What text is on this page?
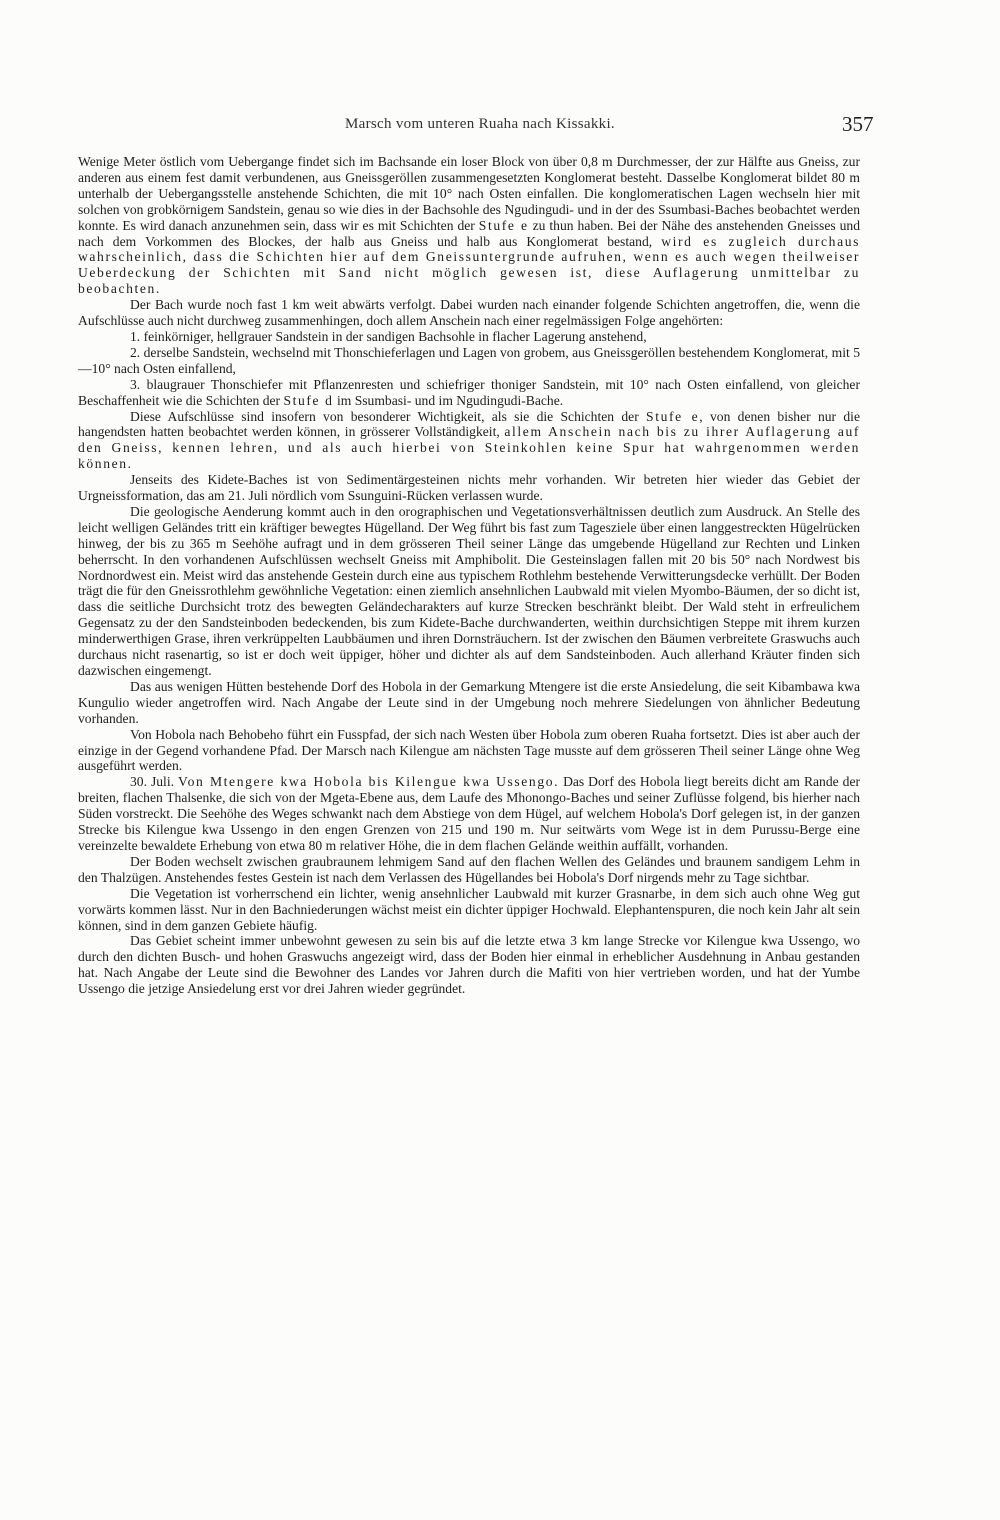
Marsch vom unteren Ruaha nach Kissakki.	357

Wenige Meter östlich vom Uebergange findet sich im Bachsande ein loser Block von über 0,8 m Durchmesser, der zur Hälfte aus Gneiss, zur anderen aus einem fest damit verbundenen, aus Gneissgeröllen zusammengesetzten Konglomerat besteht. Dasselbe Konglomerat bildet 80 m unterhalb der Uebergangsstelle anstehende Schichten, die mit 10° nach Osten einfallen. Die konglomeratischen Lagen wechseln hier mit solchen von grobkörnigem Sandstein, genau so wie dies in der Bachsohle des Ngudingudi- und in der des Ssumbasi-Baches beobachtet werden konnte. Es wird danach anzunehmen sein, dass wir es mit Schichten der Stufe e zu thun haben. Bei der Nähe des anstehenden Gneisses und nach dem Vorkommen des Blockes, der halb aus Gneiss und halb aus Konglomerat bestand, wird es zugleich durchaus wahrscheinlich, dass die Schichten hier auf dem Gneissuntergrunde aufruhen, wenn es auch wegen theilweiser Ueberdeckung der Schichten mit Sand nicht möglich gewesen ist, diese Auflagerung unmittelbar zu beobachten.

Der Bach wurde noch fast 1 km weit abwärts verfolgt. Dabei wurden nach einander folgende Schichten angetroffen, die, wenn die Aufschlüsse auch nicht durchweg zusammenhingen, doch allem Anschein nach einer regelmässigen Folge angehörten:

1. feinkörniger, hellgrauer Sandstein in der sandigen Bachsohle in flacher Lagerung anstehend,

2. derselbe Sandstein, wechselnd mit Thonschieferlagen und Lagen von grobem, aus Gneissgeröllen bestehendem Konglomerat, mit 5—10° nach Osten einfallend,

3. blaugrauer Thonschiefer mit Pflanzenresten und schiefriger thoniger Sandstein, mit 10° nach Osten einfallend, von gleicher Beschaffenheit wie die Schichten der Stufe d im Ssumbasi- und im Ngudingudi-Bache.

Diese Aufschlüsse sind insofern von besonderer Wichtigkeit, als sie die Schichten der Stufe e, von denen bisher nur die hangendsten hatten beobachtet werden können, in grösserer Vollständigkeit, allem Anschein nach bis zu ihrer Auflagerung auf den Gneiss, kennen lehren, und als auch hierbei von Steinkohlen keine Spur hat wahrgenommen werden können.

Jenseits des Kidete-Baches ist von Sedimentärgesteinen nichts mehr vorhanden. Wir betreten hier wieder das Gebiet der Urgneissformation, das am 21. Juli nördlich vom Ssunguini-Rücken verlassen wurde.

Die geologische Aenderung kommt auch in den orographischen und Vegetationsverhältnissen deutlich zum Ausdruck. An Stelle des leicht welligen Geländes tritt ein kräftiger bewegtes Hügelland. Der Weg führt bis fast zum Tagesziele über einen langgestreckten Hügelrücken hinweg, der bis zu 365 m Seehöhe aufragt und in dem grösseren Theil seiner Länge das umgebende Hügelland zur Rechten und Linken beherrscht. In den vorhandenen Aufschlüssen wechselt Gneiss mit Amphibolit. Die Gesteinslagen fallen mit 20 bis 50° nach Nordwest bis Nordnordwest ein. Meist wird das anstehende Gestein durch eine aus typischem Rothlehm bestehende Verwitterungsdecke verhüllt. Der Boden trägt die für den Gneissrothlehm gewöhnliche Vegetation: einen ziemlich ansehnlichen Laubwald mit vielen Myombo-Bäumen, der so dicht ist, dass die seitliche Durchsicht trotz des bewegten Geländecharakters auf kurze Strecken beschränkt bleibt. Der Wald steht in erfreulichem Gegensatz zu der den Sandsteinboden bedeckenden, bis zum Kidete-Bache durchwanderten, weithin durchsichtigen Steppe mit ihrem kurzen minderwerthigen Grase, ihren verkrüppelten Laubbäumen und ihren Dornsträuchern. Ist der zwischen den Bäumen verbreitete Graswuchs auch durchaus nicht rasenartig, so ist er doch weit üppiger, höher und dichter als auf dem Sandsteinboden. Auch allerhand Kräuter finden sich dazwischen eingemengt.

Das aus wenigen Hütten bestehende Dorf des Hobola in der Gemarkung Mtengere ist die erste Ansiedelung, die seit Kibambawa kwa Kungulio wieder angetroffen wird. Nach Angabe der Leute sind in der Umgebung noch mehrere Siedelungen von ähnlicher Bedeutung vorhanden.

Von Hobola nach Behobeho führt ein Fusspfad, der sich nach Westen über Hobola zum oberen Ruaha fortsetzt. Dies ist aber auch der einzige in der Gegend vorhandene Pfad. Der Marsch nach Kilengue am nächsten Tage musste auf dem grösseren Theil seiner Länge ohne Weg ausgeführt werden.

30. Juli. Von Mtengere kwa Hobola bis Kilengue kwa Ussengo. Das Dorf des Hobola liegt bereits dicht am Rande der breiten, flachen Thalsenke, die sich von der Mgeta-Ebene aus, dem Laufe des Mhonongo-Baches und seiner Zuflüsse folgend, bis hierher nach Süden vorstreckt. Die Seehöhe des Weges schwankt nach dem Abstiege von dem Hügel, auf welchem Hobola's Dorf gelegen ist, in der ganzen Strecke bis Kilengue kwa Ussengo in den engen Grenzen von 215 und 190 m. Nur seitwärts vom Wege ist in dem Purussu-Berge eine vereinzelte bewaldete Erhebung von etwa 80 m relativer Höhe, die in dem flachen Gelände weithin auffällt, vorhanden.

Der Boden wechselt zwischen graubraunem lehmigem Sand auf den flachen Wellen des Geländes und braunem sandigem Lehm in den Thalzügen. Anstehendes festes Gestein ist nach dem Verlassen des Hügellandes bei Hobola's Dorf nirgends mehr zu Tage sichtbar.

Die Vegetation ist vorherrschend ein lichter, wenig ansehnlicher Laubwald mit kurzer Grasnarbe, in dem sich auch ohne Weg gut vorwärts kommen lässt. Nur in den Bachniederungen wächst meist ein dichter üppiger Hochwald. Elephantenspuren, die noch kein Jahr alt sein können, sind in dem ganzen Gebiete häufig.

Das Gebiet scheint immer unbewohnt gewesen zu sein bis auf die letzte etwa 3 km lange Strecke vor Kilengue kwa Ussengo, wo durch den dichten Busch- und hohen Graswuchs angezeigt wird, dass der Boden hier einmal in erheblicher Ausdehnung in Anbau gestanden hat. Nach Angabe der Leute sind die Bewohner des Landes vor Jahren durch die Mafiti von hier vertrieben worden, und hat der Yumbe Ussengo die jetzige Ansiedelung erst vor drei Jahren wieder gegründet.
